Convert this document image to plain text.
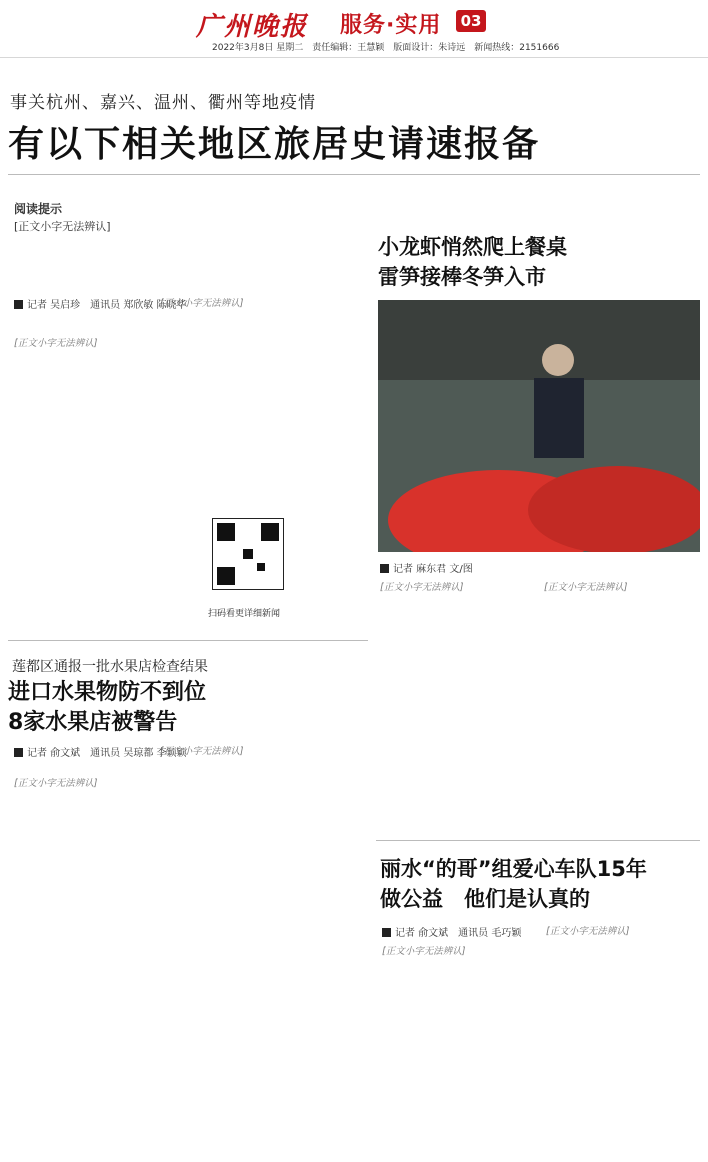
广州晚报 服务·实用	03
2022年3月8日 星期二　责任编辑：王慧颖　版面设计：朱诗远　新闻热线：2151666
事关杭州、嘉兴、温州、衢州等地疫情
有以下相关地区旅居史请速报备
阅读提示
[正文小字无法辨认]
记者 吴启珍　通讯员 郑欣敏 陈晓华
[正文小字无法辨认]
[正文小字无法辨认]
扫码看更详细新闻
小龙虾悄然爬上餐桌
雷笋接棒冬笋入市
记者 麻东君 文/图
[正文小字无法辨认]	[正文小字无法辨认]
莲都区通报一批水果店检查结果
进口水果物防不到位
8家水果店被警告
记者 俞文斌　通讯员 吴琼都 李颖颖
[正文小字无法辨认]
[正文小字无法辨认]
丽水“的哥”组爱心车队15年
做公益　他们是认真的
记者 俞文斌　通讯员 毛巧颖
[正文小字无法辨认]
[正文小字无法辨认]
